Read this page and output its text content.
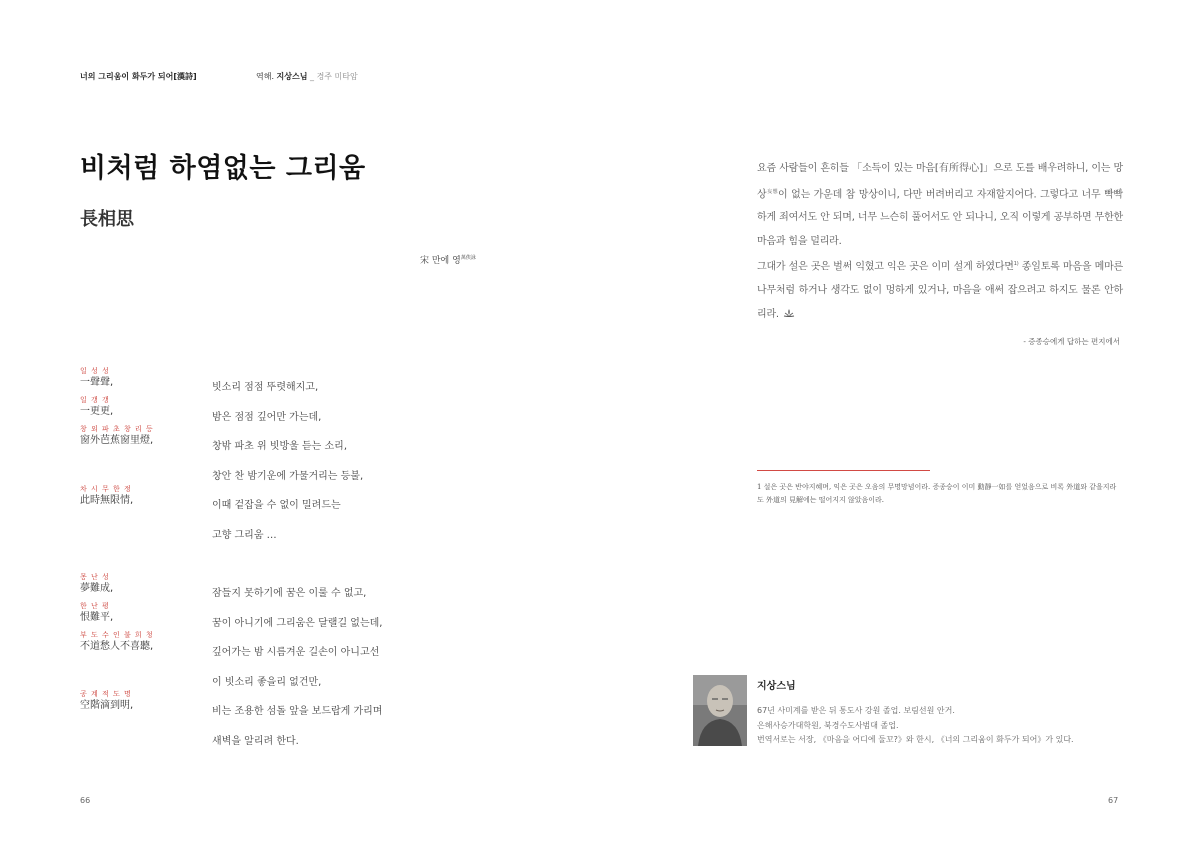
너의 그리움이 화두가 되어[漢詩]	역해. 지상스님 _ 경주 미타암
비처럼 하염없는 그리움
長相思
宋 만에 영$^{萬俟詠}$
일 성 성
一聲聲,
일 갱 갱
一更更,
창 외 파 초 창 리 등
窗外芭蕉窗里燈,
차 시 무 한 정
此時無限情,
몽 난 성
夢難成,
한 난 평
恨難平,
부 도 수 인 불 희 청
不道愁人不喜聽,
공 계 적 도 명
空階滴到明,
빗소리 점점 뚜렷해지고,
밤은 점점 깊어만 가는데,
창밖 파초 위 빗방울 듣는 소리,
창안 찬 밤기운에 가물거리는 등불,
이때 겉잡을 수 없이 밀려드는
고향 그리움 …
잠들지 못하기에 꿈은 이룰 수 없고,
꿈이 아니기에 그리움은 달랠길 없는데,
깊어가는 밤 시름겨운 길손이 아니고선
이 빗소리 좋을리 없건만,
비는 조용한 섬돌 앞을 보드랍게 가리며
새벽을 알리려 한다.

요즘 사람들이 흔히들 「소득이 있는 마음[有所得心]」으로 도를 배우려하니, 이는 망상$^{妄想}$이 없는 가운데 참 망상이니, 다만 버려버리고 자재할지어다. 그렇다고 너무 빡빡하게 죄여서도 안 되며, 너무 느슨히 풀어서도 안 되나니, 오직 이렇게 공부하면 무한한 마음과 힘을 덜리라.

그대가 설은 곳은 벌써 익혔고 익은 곳은 이미 설게 하였다면$^{1)}$ 종일토록 마음을 메마른 나무처럼 하거나 생각도 없이 멍하게 있거나, 마음을 애써 잡으려고 하지도 물론 안하리라.

- 증종승에게 답하는 편지에서
1 설은 곳은 반야지혜며, 익은 곳은 오음의 무명망념이라. 증종승이 이미 動靜一如를 얻었음으로 비록 外道와 같을지라도 外道의 見解에는 떨어지지 않았음이라.
지상스님
67년 사미계를 받은 뒤 통도사 강원 졸업. 보림선원 안거.
은해사승가대학원, 북경수도사범대 졸업.
번역서로는 서장, 《마음을 어디에 둘꼬?》와 한시, 《너의 그리움이 화두가 되어》가 있다.
66	67
